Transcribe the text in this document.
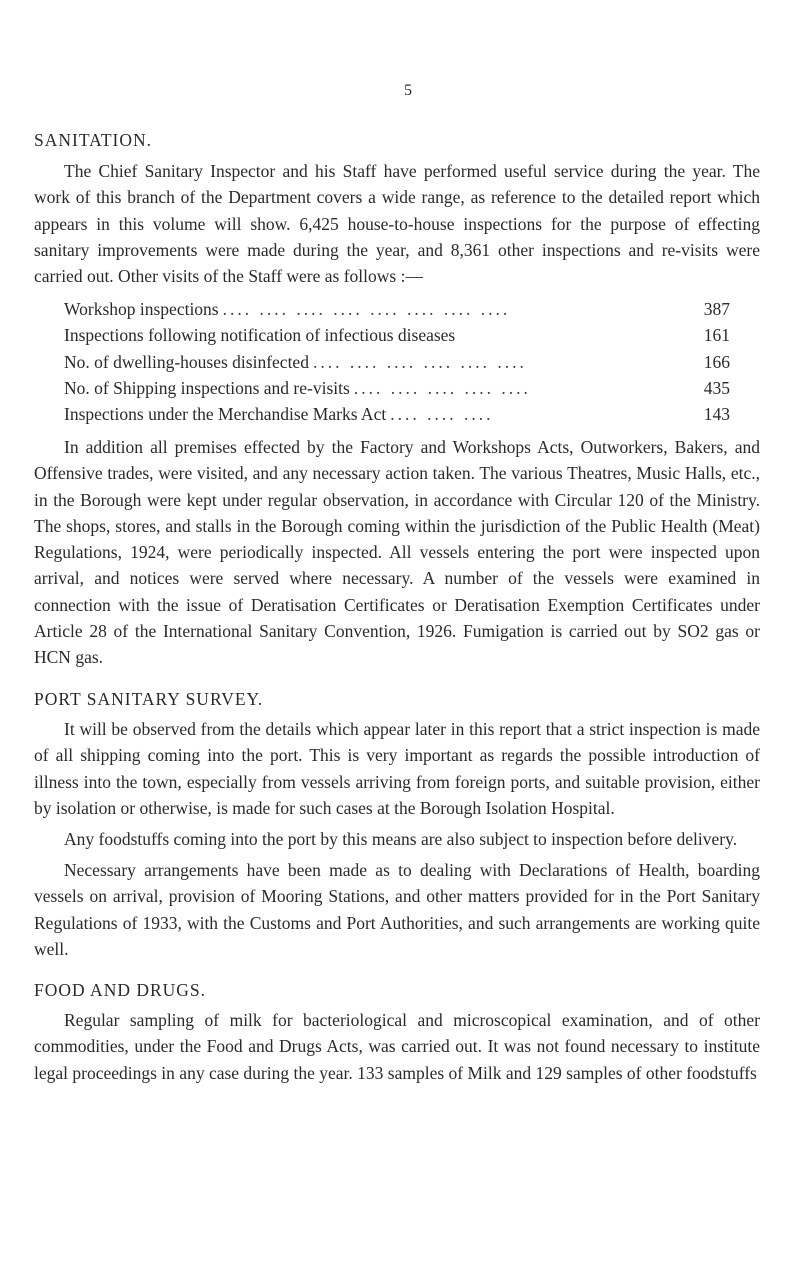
5
SANITATION.

The Chief Sanitary Inspector and his Staff have performed useful service during the year. The work of this branch of the Department covers a wide range, as reference to the detailed report which appears in this volume will show. 6,425 house-to-house inspections for the purpose of effecting sanitary improvements were made during the year, and 8,361 other inspections and re-visits were carried out. Other visits of the Staff were as follows :—

Workshop inspections .... .... .... .... .... .... .... ....	387
Inspections following notification of infectious diseases	161
No. of dwelling-houses disinfected .... .... .... .... .... ....	166
No. of Shipping inspections and re-visits .... .... .... .... ....	435
Inspections under the Merchandise Marks Act .... .... ....	143

In addition all premises effected by the Factory and Workshops Acts, Outworkers, Bakers, and Offensive trades, were visited, and any necessary action taken. The various Theatres, Music Halls, etc., in the Borough were kept under regular observation, in accordance with Circular 120 of the Ministry. The shops, stores, and stalls in the Borough coming within the jurisdiction of the Public Health (Meat) Regulations, 1924, were periodically inspected. All vessels entering the port were inspected upon arrival, and notices were served where necessary. A number of the vessels were examined in connection with the issue of Deratisation Certificates or Deratisation Exemption Certificates under Article 28 of the International Sanitary Convention, 1926. Fumigation is carried out by SO2 gas or HCN gas.

PORT SANITARY SURVEY.

It will be observed from the details which appear later in this report that a strict inspection is made of all shipping coming into the port. This is very important as regards the possible introduction of illness into the town, especially from vessels arriving from foreign ports, and suitable provision, either by isolation or otherwise, is made for such cases at the Borough Isolation Hospital.

Any foodstuffs coming into the port by this means are also subject to inspection before delivery.

Necessary arrangements have been made as to dealing with Declarations of Health, boarding vessels on arrival, provision of Mooring Stations, and other matters provided for in the Port Sanitary Regulations of 1933, with the Customs and Port Authorities, and such arrangements are working quite well.

FOOD AND DRUGS.

Regular sampling of milk for bacteriological and microscopical examination, and of other commodities, under the Food and Drugs Acts, was carried out. It was not found necessary to institute legal proceedings in any case during the year. 133 samples of Milk and 129 samples of other foodstuffs
